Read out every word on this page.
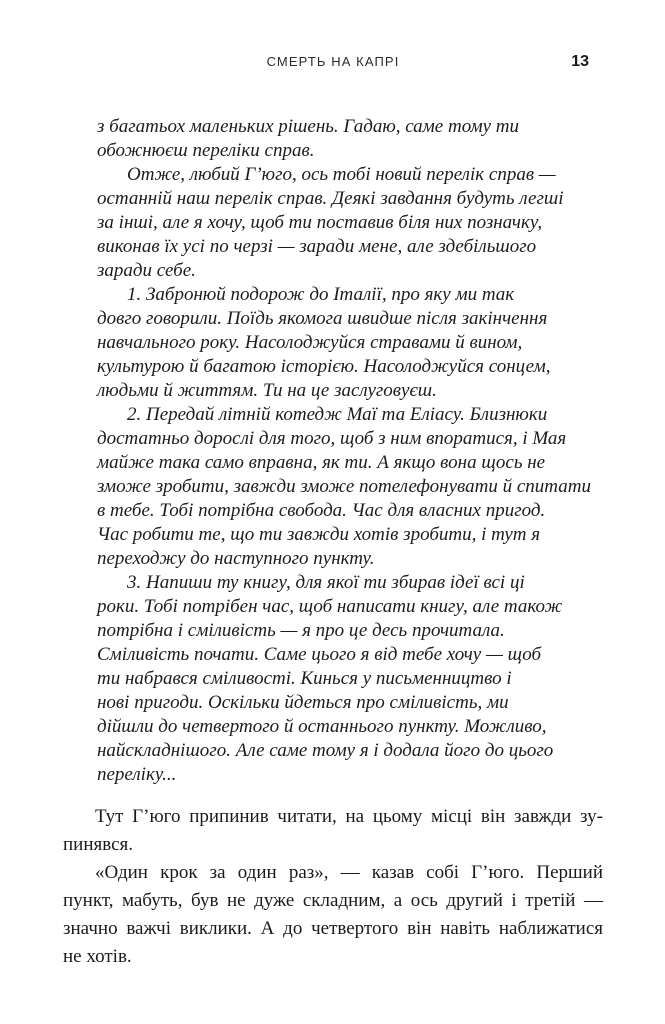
СМЕРТЬ НА КАПРІ	13
з багатьох маленьких рішень. Гадаю, саме тому ти
обожнюєш переліки справ.
Отже, любий Г’юго, ось тобі новий перелік справ —
останній наш перелік справ. Деякі завдання будуть легші
за інші, але я хочу, щоб ти поставив біля них позначку,
виконав їх усі по черзі — заради мене, але здебільшого
заради себе.
1. Забронюй подорож до Італії, про яку ми так
довго говорили. Поїдь якомога швидше після закінчення
навчального року. Насолоджуйся стравами й вином,
культурою й багатою історією. Насолоджуйся сонцем,
людьми й життям. Ти на це заслуговуєш.
2. Передай літній котедж Маї та Еліасу. Близнюки
достатньо дорослі для того, щоб з ним впоратися, і Мая
майже така само вправна, як ти. А якщо вона щось не
зможе зробити, завжди зможе потелефонувати й спитати
в тебе. Тобі потрібна свобода. Час для власних пригод.
Час робити те, що ти завжди хотів зробити, і тут я
переходжу до наступного пункту.
3. Напиши ту книгу, для якої ти збирав ідеї всі ці
роки. Тобі потрібен час, щоб написати книгу, але також
потрібна і сміливість — я про це десь прочитала.
Сміливість почати. Саме цього я від тебе хочу — щоб
ти набрався сміливості. Кинься у письменництво і
нові пригоди. Оскільки йдеться про сміливість, ми
дійшли до четвертого й останнього пункту. Можливо,
найскладнішого. Але саме тому я і додала його до цього
переліку...
Тут Г’юго припинив читати, на цьому місці він завжди зу-
пинявся.
«Один крок за один раз», — казав собі Г’юго. Перший
пункт, мабуть, був не дуже складним, а ось другий і третій —
значно важчі виклики. А до четвертого він навіть наближатися
не хотів.
